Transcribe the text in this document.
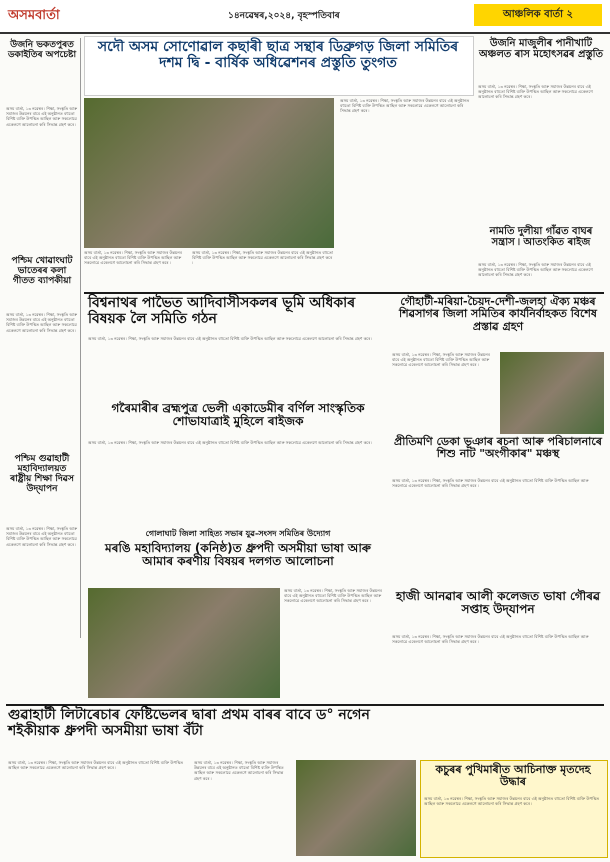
অসমবার্তা	১৪নৱেম্বৰ,২০২৪, বৃহস্পতিবাৰ	আঞ্চলিক বাৰ্তা ২
উজনি ভকতপুৰত ডকাইতিৰ অপচেষ্টা
অসম বাৰ্তা, ১৩ নৱেম্বৰ ৷ শিক্ষা, সংস্কৃতি আৰু সমাজৰ উন্নয়নৰ বাবে এই অনুষ্ঠানত বহুতো বিশিষ্ট ব্যক্তি উপস্থিত আছিল আৰু সকলোৱে একেলগে আলোচনা কৰি সিদ্ধান্ত গ্ৰহণ কৰে ৷
পশ্চিম খোৱাংঘাট ভাতেৰৰ কলা গীতত ব্যাপকীয়া
অসম বাৰ্তা, ১৩ নৱেম্বৰ ৷ শিক্ষা, সংস্কৃতি আৰু সমাজৰ উন্নয়নৰ বাবে এই অনুষ্ঠানত বহুতো বিশিষ্ট ব্যক্তি উপস্থিত আছিল আৰু সকলোৱে একেলগে আলোচনা কৰি সিদ্ধান্ত গ্ৰহণ কৰে ৷
পশ্চিম গুৱাহাটী মহাবিদ্যালয়ত ৰাষ্ট্ৰীয় শিক্ষা দিৱস উদ্‌যাপন
অসম বাৰ্তা, ১৩ নৱেম্বৰ ৷ শিক্ষা, সংস্কৃতি আৰু সমাজৰ উন্নয়নৰ বাবে এই অনুষ্ঠানত বহুতো বিশিষ্ট ব্যক্তি উপস্থিত আছিল আৰু সকলোৱে একেলগে আলোচনা কৰি সিদ্ধান্ত গ্ৰহণ কৰে ৷
সদৌ অসম সোণোৱাল কছাৰী ছাত্ৰ সন্থাৰ ডিব্ৰুগড় জিলা সমিতিৰ দশম দ্বি - বাৰ্ষিক অধিৱেশনৰ প্ৰস্তুতি তুংগত
অসম বাৰ্তা, ১৩ নৱেম্বৰ ৷ শিক্ষা, সংস্কৃতি আৰু সমাজৰ উন্নয়নৰ বাবে এই অনুষ্ঠানত বহুতো বিশিষ্ট ব্যক্তি উপস্থিত আছিল আৰু সকলোৱে একেলগে আলোচনা কৰি সিদ্ধান্ত গ্ৰহণ কৰে ৷
অসম বাৰ্তা, ১৩ নৱেম্বৰ ৷ শিক্ষা, সংস্কৃতি আৰু সমাজৰ উন্নয়নৰ বাবে এই অনুষ্ঠানত বহুতো বিশিষ্ট ব্যক্তি উপস্থিত আছিল আৰু সকলোৱে একেলগে আলোচনা কৰি সিদ্ধান্ত গ্ৰহণ কৰে ৷
অসম বাৰ্তা, ১৩ নৱেম্বৰ ৷ শিক্ষা, সংস্কৃতি আৰু সমাজৰ উন্নয়নৰ বাবে এই অনুষ্ঠানত বহুতো বিশিষ্ট ব্যক্তি উপস্থিত আছিল আৰু সকলোৱে একেলগে আলোচনা কৰি সিদ্ধান্ত গ্ৰহণ কৰে ৷
উজনি মাজুলীৰ পানীখাটি অঞ্চলত ৰাস মহোৎসৱৰ প্ৰস্তুতি
অসম বাৰ্তা, ১৩ নৱেম্বৰ ৷ শিক্ষা, সংস্কৃতি আৰু সমাজৰ উন্নয়নৰ বাবে এই অনুষ্ঠানত বহুতো বিশিষ্ট ব্যক্তি উপস্থিত আছিল আৰু সকলোৱে একেলগে আলোচনা কৰি সিদ্ধান্ত গ্ৰহণ কৰে ৷
নামতি দুলীয়া গাঁৱত বাঘৰ সন্ত্ৰাস ৷ আতংকিত ৰাইজ
অসম বাৰ্তা, ১৩ নৱেম্বৰ ৷ শিক্ষা, সংস্কৃতি আৰু সমাজৰ উন্নয়নৰ বাবে এই অনুষ্ঠানত বহুতো বিশিষ্ট ব্যক্তি উপস্থিত আছিল আৰু সকলোৱে একেলগে আলোচনা কৰি সিদ্ধান্ত গ্ৰহণ কৰে ৷
বিশ্বনাথৰ পাভৈত আদিবাসীসকলৰ ভূমি অধিকাৰ বিষয়ক লৈ সমিতি গঠন
অসম বাৰ্তা, ১৩ নৱেম্বৰ ৷ শিক্ষা, সংস্কৃতি আৰু সমাজৰ উন্নয়নৰ বাবে এই অনুষ্ঠানত বহুতো বিশিষ্ট ব্যক্তি উপস্থিত আছিল আৰু সকলোৱে একেলগে আলোচনা কৰি সিদ্ধান্ত গ্ৰহণ কৰে ৷
গৌহাটী-মৰিয়া-চৈয়দ-দেশী-জলহা ঐক্য মঞ্চৰ শিৱসাগৰ জিলা সমিতিৰ কাৰ্যনিৰ্বাহকত বিশেষ প্ৰস্তাৱ গ্ৰহণ
অসম বাৰ্তা, ১৩ নৱেম্বৰ ৷ শিক্ষা, সংস্কৃতি আৰু সমাজৰ উন্নয়নৰ বাবে এই অনুষ্ঠানত বহুতো বিশিষ্ট ব্যক্তি উপস্থিত আছিল আৰু সকলোৱে একেলগে আলোচনা কৰি সিদ্ধান্ত গ্ৰহণ কৰে ৷
গৰৈমাৰীৰ ব্ৰহ্মপুত্ৰ ভেলী একাডেমীৰ বৰ্ণিল সাংস্কৃতিক শোভাযাত্ৰাই মুহিলে ৰাইজক
অসম বাৰ্তা, ১৩ নৱেম্বৰ ৷ শিক্ষা, সংস্কৃতি আৰু সমাজৰ উন্নয়নৰ বাবে এই অনুষ্ঠানত বহুতো বিশিষ্ট ব্যক্তি উপস্থিত আছিল আৰু সকলোৱে একেলগে আলোচনা কৰি সিদ্ধান্ত গ্ৰহণ কৰে ৷	প্ৰীতিমণি ডেকা ভূঞাৰ ৰচনা আৰু পৰিচালনাৰে শিশু নাট "অংগীকাৰ" মঞ্চস্থ
অসম বাৰ্তা, ১৩ নৱেম্বৰ ৷ শিক্ষা, সংস্কৃতি আৰু সমাজৰ উন্নয়নৰ বাবে এই অনুষ্ঠানত বহুতো বিশিষ্ট ব্যক্তি উপস্থিত আছিল আৰু সকলোৱে একেলগে আলোচনা কৰি সিদ্ধান্ত গ্ৰহণ কৰে ৷
গোলাঘাট জিলা সাহিত্য সভাৰ যুৱ-সংসদ সমিতিৰ উদ্যোগ
মৰঙি মহাবিদ্যালয় (কনিষ্ঠ)ত ধ্ৰুপদী অসমীয়া ভাষা আৰু আমাৰ কৰণীয় বিষয়ৰ দলগত আলোচনা
অসম বাৰ্তা, ১৩ নৱেম্বৰ ৷ শিক্ষা, সংস্কৃতি আৰু সমাজৰ উন্নয়নৰ বাবে এই অনুষ্ঠানত বহুতো বিশিষ্ট ব্যক্তি উপস্থিত আছিল আৰু সকলোৱে একেলগে আলোচনা কৰি সিদ্ধান্ত গ্ৰহণ কৰে ৷	হাজী আনৱাৰ আলী কলেজত ভাষা গৌৰৱ সপ্তাহ উদ্‌যাপন
অসম বাৰ্তা, ১৩ নৱেম্বৰ ৷ শিক্ষা, সংস্কৃতি আৰু সমাজৰ উন্নয়নৰ বাবে এই অনুষ্ঠানত বহুতো বিশিষ্ট ব্যক্তি উপস্থিত আছিল আৰু সকলোৱে একেলগে আলোচনা কৰি সিদ্ধান্ত গ্ৰহণ কৰে ৷
গুৱাহাটী লিটাৰেচাৰ ফেষ্টিভেলৰ দ্বাৰা প্ৰথম বাৰৰ বাবে ড° নগেন শইকীয়াক ধ্ৰুপদী অসমীয়া ভাষা বঁটা
অসম বাৰ্তা, ১৩ নৱেম্বৰ ৷ শিক্ষা, সংস্কৃতি আৰু সমাজৰ উন্নয়নৰ বাবে এই অনুষ্ঠানত বহুতো বিশিষ্ট ব্যক্তি উপস্থিত আছিল আৰু সকলোৱে একেলগে আলোচনা কৰি সিদ্ধান্ত গ্ৰহণ কৰে ৷
অসম বাৰ্তা, ১৩ নৱেম্বৰ ৷ শিক্ষা, সংস্কৃতি আৰু সমাজৰ উন্নয়নৰ বাবে এই অনুষ্ঠানত বহুতো বিশিষ্ট ব্যক্তি উপস্থিত আছিল আৰু সকলোৱে একেলগে আলোচনা কৰি সিদ্ধান্ত গ্ৰহণ কৰে ৷
কচুৰৰ পুখিমাৰীত আচিনাক্ত মৃতদেহ উদ্ধাৰ
অসম বাৰ্তা, ১৩ নৱেম্বৰ ৷ শিক্ষা, সংস্কৃতি আৰু সমাজৰ উন্নয়নৰ বাবে এই অনুষ্ঠানত বহুতো বিশিষ্ট ব্যক্তি উপস্থিত আছিল আৰু সকলোৱে একেলগে আলোচনা কৰি সিদ্ধান্ত গ্ৰহণ কৰে ৷
